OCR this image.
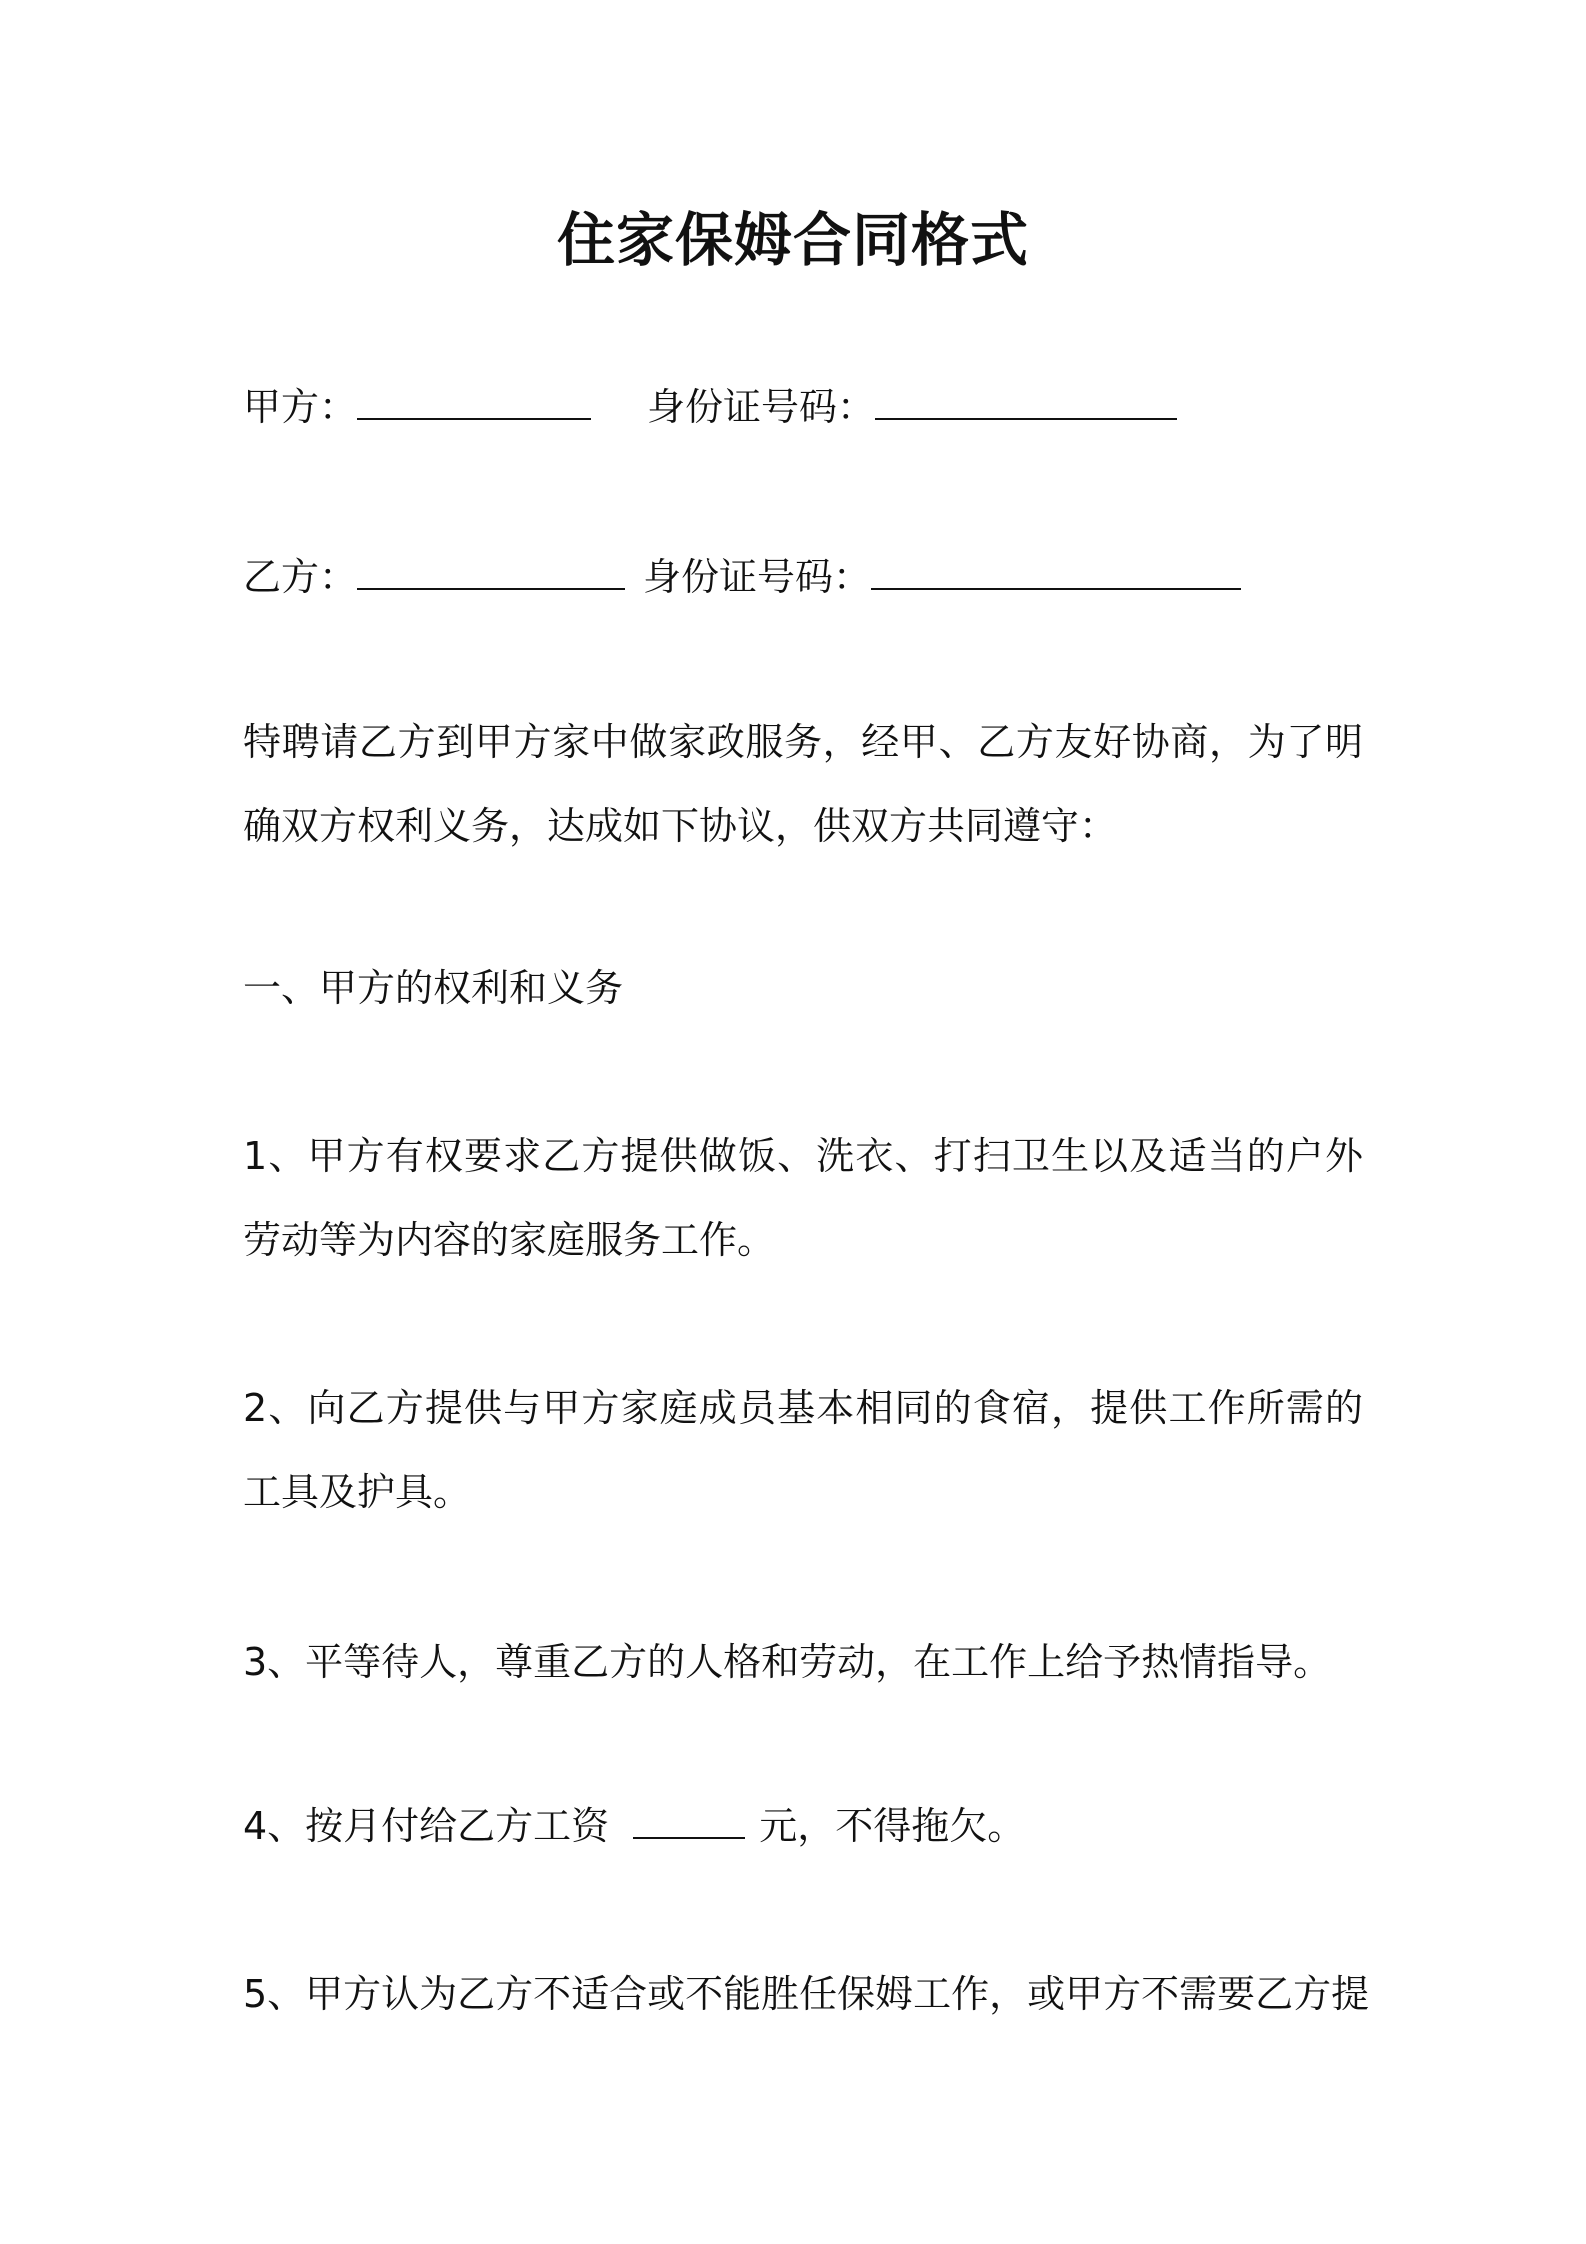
住家保姆合同格式
甲方：	身份证号码：
乙方：	身份证号码：
特聘请乙方到甲方家中做家政服务，经甲、乙方友好协商，为了明确双方权利义务，达成如下协议，供双方共同遵守：
一、甲方的权利和义务
1、甲方有权要求乙方提供做饭、洗衣、打扫卫生以及适当的户外劳动等为内容的家庭服务工作。
2、向乙方提供与甲方家庭成员基本相同的食宿，提供工作所需的工具及护具。
3、平等待人，尊重乙方的人格和劳动，在工作上给予热情指导。
4、按月付给乙方工资	元，不得拖欠。
5、甲方认为乙方不适合或不能胜任保姆工作，或甲方不需要乙方提
